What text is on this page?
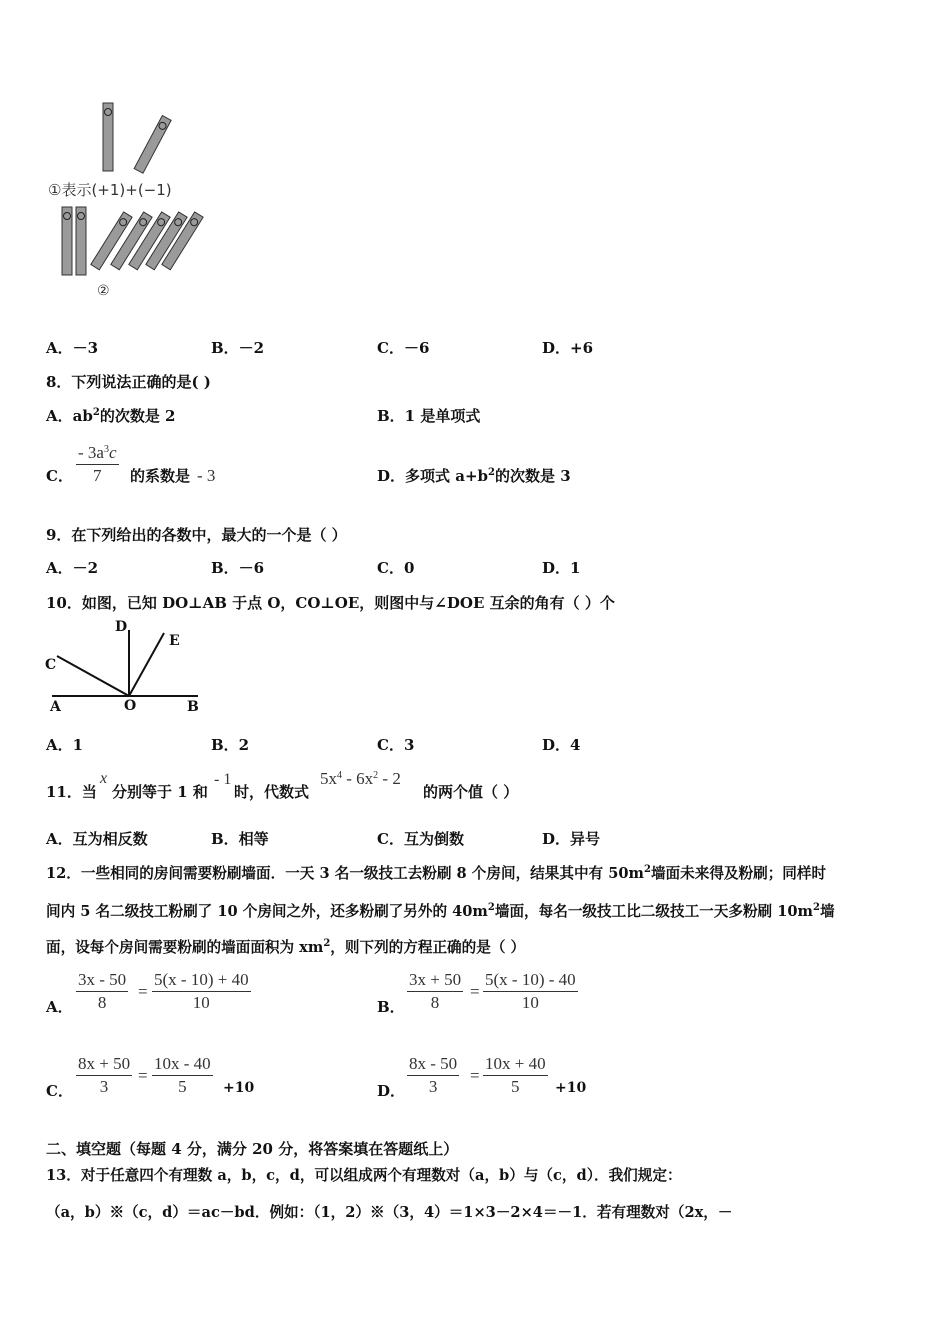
①表示(+1)+(−1)
②
A．－3	B．－2	C．－6	D．+6
8．下列说法正确的是( )
A．$ab^2$的次数是 2	B．1 是单项式
C． $\frac{- 3a^3c}{7}$ 的系数是 - 3	D．多项式 $a+b^2$的次数是 3
9．在下列给出的各数中，最大的一个是（ ）
A．－2	B．－6	C．0	D．1
10．如图，已知 DO⊥AB 于点 O，CO⊥OE，则图中与∠DOE 互余的角有（ ）个
D
E
C
A	O	B
A．1	B．2	C．3	D．4
11．当
x
分别等于 1 和
- 1
时，代数式
$5x^4 - 6x^2 - 2$
的两个值（ ）
A．互为相反数	B．相等	C．互为倒数	D．异号
12．一些相同的房间需要粉刷墙面．一天 3 名一级技工去粉刷 8 个房间，结果其中有 $50m^2$墙面未来得及粉刷；同样时
间内 5 名二级技工粉刷了 10 个房间之外，还多粉刷了另外的 $40m^2$墙面，每名一级技工比二级技工一天多粉刷 $10m^2$墙
面，设每个房间需要粉刷的墙面面积为 $xm^2$，则下列的方程正确的是（ ）
A． $\frac{3x - 50}{8} = \frac{5(x - 10) + 40}{10}$	B． $\frac{3x + 50}{8} = \frac{5(x - 10) - 40}{10}$
C． $\frac{8x + 50}{3} = \frac{10x - 40}{5} +10$	D． $\frac{8x - 50}{3} = \frac{10x + 40}{5} +10$
二、填空题（每题 4 分，满分 20 分，将答案填在答题纸上）
13．对于任意四个有理数 a，b，c，d，可以组成两个有理数对（a，b）与（c，d）．我们规定：
（a，b）※（c，d）＝ac－bd．例如：（1，2）※（3，4）＝1×3－2×4＝－1．若有理数对（2x，－
